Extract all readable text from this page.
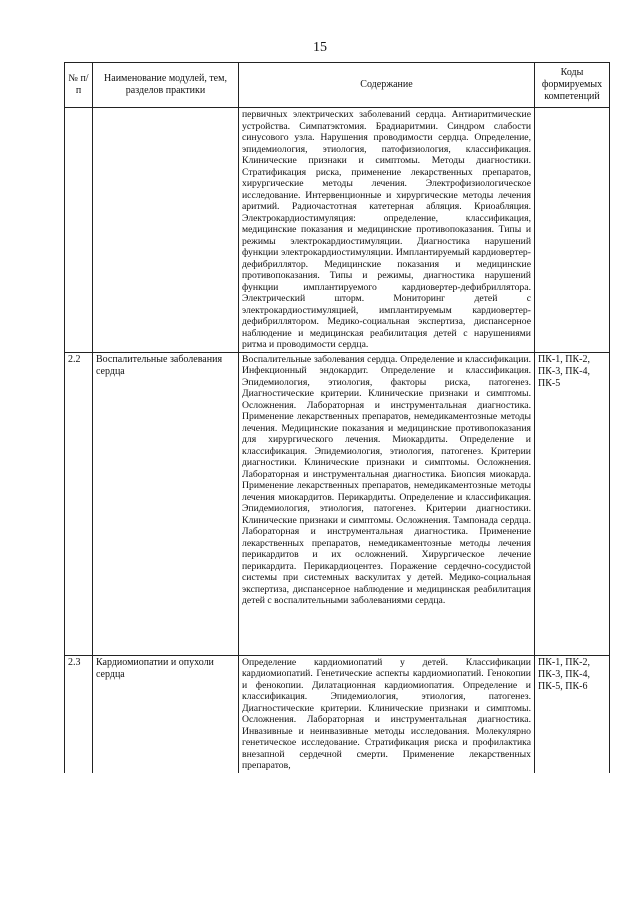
15
№ п/п	Наименование модулей, тем, разделов практики	Содержание	Коды формируемых компетенций
		первичных электрических заболеваний сердца. Антиаритмические устройства. Симпатэктомия. Брадиаритмии. Синдром слабости синусового узла. Нарушения проводимости сердца. Определение, эпидемиология, этиология, патофизиология, классификация. Клинические признаки и симптомы. Методы диагностики. Стратификация риска, применение лекарственных препаратов, хирургические методы лечения. Электрофизиологическое исследование. Интервенционные и хирургические методы лечения аритмий. Радиочастотная катетерная абляция. Криоабляция. Электрокардиостимуляция: определение, классификация, медицинские показания и медицинские противопоказания. Типы и режимы электрокардиостимуляции. Диагностика нарушений функции электрокардиостимуляции. Имплантируемый кардиовертер-дефибриллятор. Медицинские показания и медицинские противопоказания. Типы и режимы, диагностика нарушений функции имплантируемого кардиовертер-дефибриллятора. Электрический шторм. Мониторинг детей с электрокардиостимуляцией, имплантируемым кардиовертер-дефибриллятором. Медико-социальная экспертиза, диспансерное наблюдение и медицинская реабилитация детей с нарушениями ритма и проводимости сердца.	
2.2	Воспалительные заболевания сердца	Воспалительные заболевания сердца. Определение и классификации. Инфекционный эндокардит. Определение и классификация. Эпидемиология, этиология, факторы риска, патогенез. Диагностические критерии. Клинические признаки и симптомы. Осложнения. Лабораторная и инструментальная диагностика. Применение лекарственных препаратов, немедикаментозные методы лечения. Медицинские показания и медицинские противопоказания для хирургического лечения. Миокардиты. Определение и классификация. Эпидемиология, этиология, патогенез. Критерии диагностики. Клинические признаки и симптомы. Осложнения. Лабораторная и инструментальная диагностика. Биопсия миокарда. Применение лекарственных препаратов, немедикаментозные методы лечения миокардитов. Перикардиты. Определение и классификация. Эпидемиология, этиология, патогенез. Критерии диагностики. Клинические признаки и симптомы. Осложнения. Тампонада сердца. Лабораторная и инструментальная диагностика. Применение лекарственных препаратов, немедикаментозные методы лечения перикардитов и их осложнений. Хирургическое лечение перикардита. Перикардиоцентез. Поражение сердечно-сосудистой системы при системных васкулитах у детей. Медико-социальная экспертиза, диспансерное наблюдение и медицинская реабилитация детей с воспалительными заболеваниями сердца.	ПК-1, ПК-2, ПК-3, ПК-4, ПК-5
2.3	Кардиомиопатии и опухоли сердца	Определение кардиомиопатий у детей. Классификации кардиомиопатий. Генетические аспекты кардиомиопатий. Генокопии и фенокопии. Дилатационная кардиомиопатия. Определение и классификация. Эпидемиология, этиология, патогенез. Диагностические критерии. Клинические признаки и симптомы. Осложнения. Лабораторная и инструментальная диагностика. Инвазивные и неинвазивные методы исследования. Молекулярно генетическое исследование. Стратификация риска и профилактика внезапной сердечной смерти. Применение лекарственных препаратов,	ПК-1, ПК-2, ПК-3, ПК-4, ПК-5, ПК-6
